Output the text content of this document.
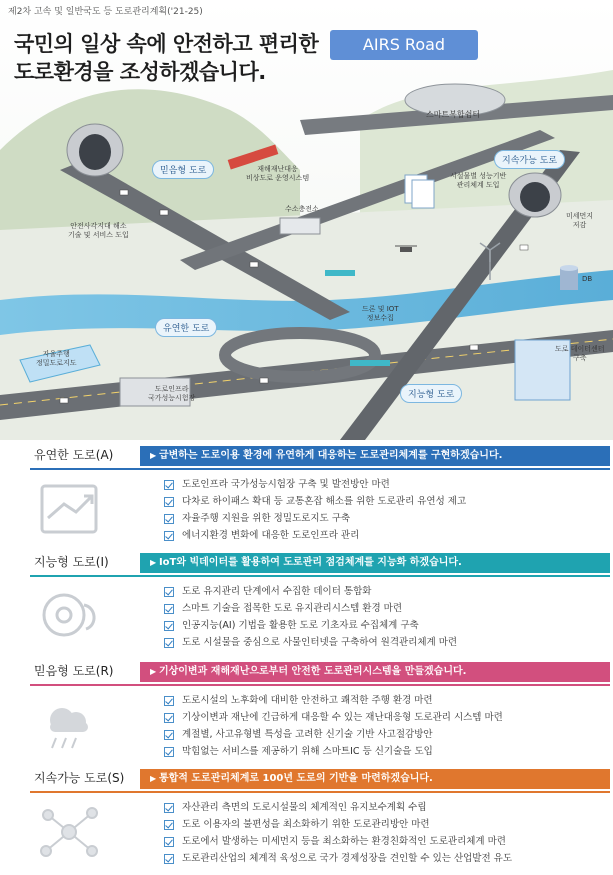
제2차 고속 및 일반국도 등 도로관리계획('21-25)
국민의 일상 속에 안전하고 편리한
도로환경을 조성하겠습니다.
AIRS Road
믿음형 도로
지속가능 도로
유연한 도로
지능형 도로
스마트복합쉼터
재해재난대응
비상도로 운영시스템
수소충전소
시설물별 성능기반
관리체계 도입
미세먼지
저감
안전사각지대 해소
기술 및 서비스 도입
드론 및 IOT
정보수집
DB
도로 데이터센터
구축
자율주행
정밀도로지도
도로인프라
국가성능시험장
유연한 도로(A)	▶ 급변하는 도로이용 환경에 유연하게 대응하는 도로관리체계를 구현하겠습니다.
도로인프라 국가성능시험장 구축 및 발전방안 마련
다차로 하이패스 확대 등 교통혼잡 해소를 위한 도로관리 유연성 제고
자율주행 지원을 위한 정밀도로지도 구축
에너지환경 변화에 대응한 도로인프라 관리
지능형 도로(I)	▶ IoT와 빅데이터를 활용하여 도로관리 점검체계를 지능화 하겠습니다.
도로 유지관리 단계에서 수집한 데이터 통합화
스마트 기술을 접목한 도로 유지관리시스템 환경 마련
인공지능(AI) 기법을 활용한 도로 기초자료 수집체계 구축
도로 시설물을 중심으로 사물인터넷을 구축하여 원격관리체계 마련
믿음형 도로(R)	▶ 기상이변과 재해재난으로부터 안전한 도로관리시스템을 만들겠습니다.
도로시설의 노후화에 대비한 안전하고 쾌적한 주행 환경 마련
기상이변과 재난에 긴급하게 대응할 수 있는 재난대응형 도로관리 시스템 마련
계절별, 사고유형별 특성을 고려한 신기술 기반 사고절감방안
막힘없는 서비스를 제공하기 위해 스마트IC 등 신기술을 도입
지속가능 도로(S)	▶ 통합적 도로관리체계로 100년 도로의 기반을 마련하겠습니다.
자산관리 측면의 도로시설물의 체계적인 유지보수계획 수립
도로 이용자의 불편성을 최소화하기 위한 도로관리방안 마련
도로에서 발생하는 미세먼지 등을 최소화하는 환경친화적인 도로관리체계 마련
도로관리산업의 체계적 육성으로 국가 경제성장을 견인할 수 있는 산업발전 유도
